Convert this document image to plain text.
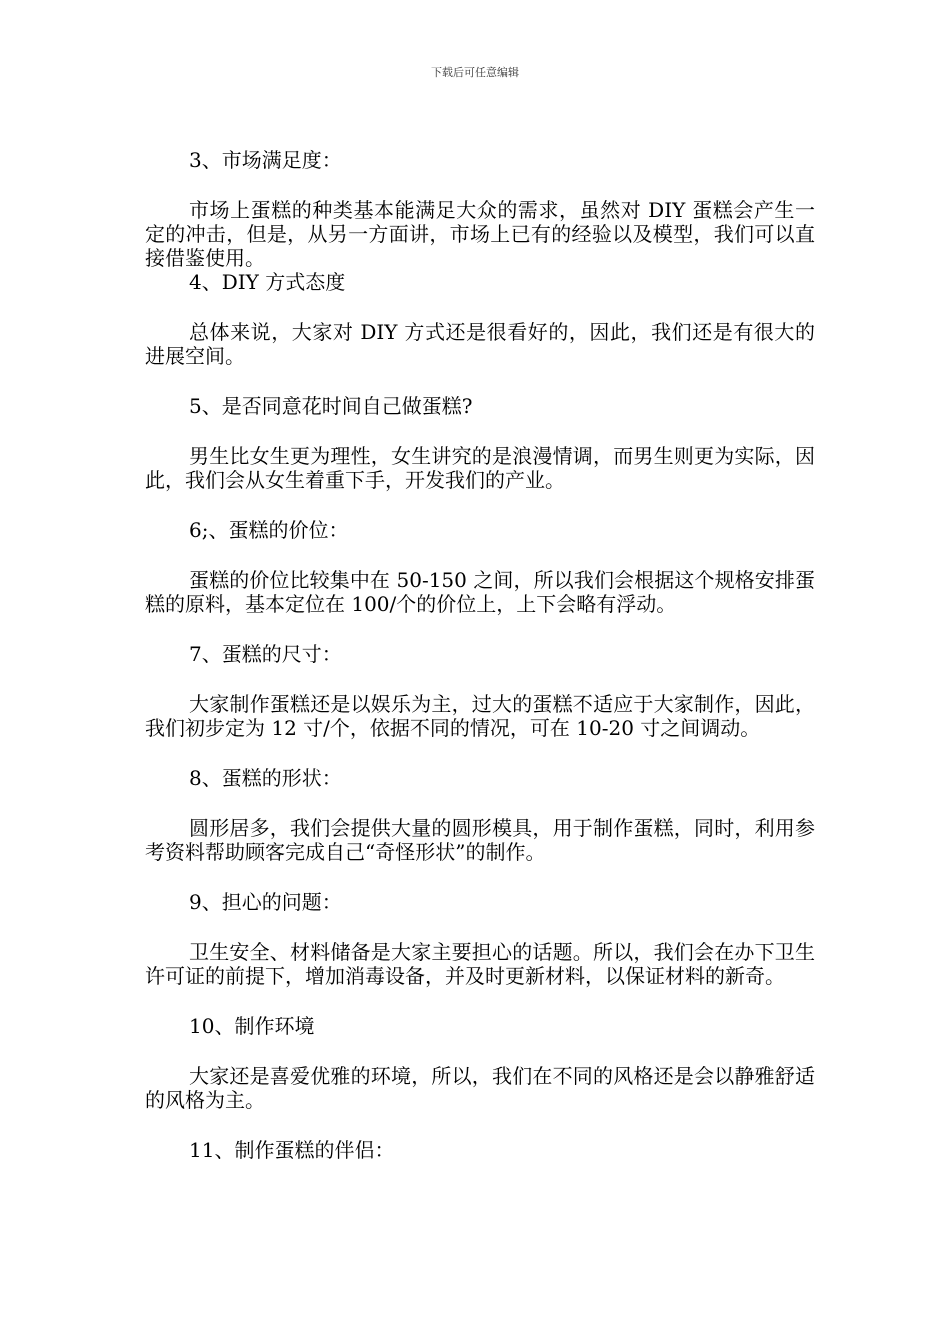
下载后可任意编辑

3、市场满足度：

市场上蛋糕的种类基本能满足大众的需求，虽然对 DIY 蛋糕会产生一定的冲击，但是，从另一方面讲，市场上已有的经验以及模型，我们可以直接借鉴使用。

4、DIY 方式态度

总体来说，大家对 DIY 方式还是很看好的，因此，我们还是有很大的进展空间。

5、是否同意花时间自己做蛋糕?

男生比女生更为理性，女生讲究的是浪漫情调，而男生则更为实际，因此，我们会从女生着重下手，开发我们的产业。

6;、蛋糕的价位：

蛋糕的价位比较集中在 50-150 之间，所以我们会根据这个规格安排蛋糕的原料，基本定位在 100/个的价位上，上下会略有浮动。

7、蛋糕的尺寸：

大家制作蛋糕还是以娱乐为主，过大的蛋糕不适应于大家制作，因此，我们初步定为 12 寸/个，依据不同的情况，可在 10-20 寸之间调动。

8、蛋糕的形状：

圆形居多，我们会提供大量的圆形模具，用于制作蛋糕，同时，利用参考资料帮助顾客完成自己“奇怪形状”的制作。

9、担心的问题：

卫生安全、材料储备是大家主要担心的话题。所以，我们会在办下卫生许可证的前提下，增加消毒设备，并及时更新材料，以保证材料的新奇。

10、制作环境

大家还是喜爱优雅的环境，所以，我们在不同的风格还是会以静雅舒适的风格为主。

11、制作蛋糕的伴侣：
